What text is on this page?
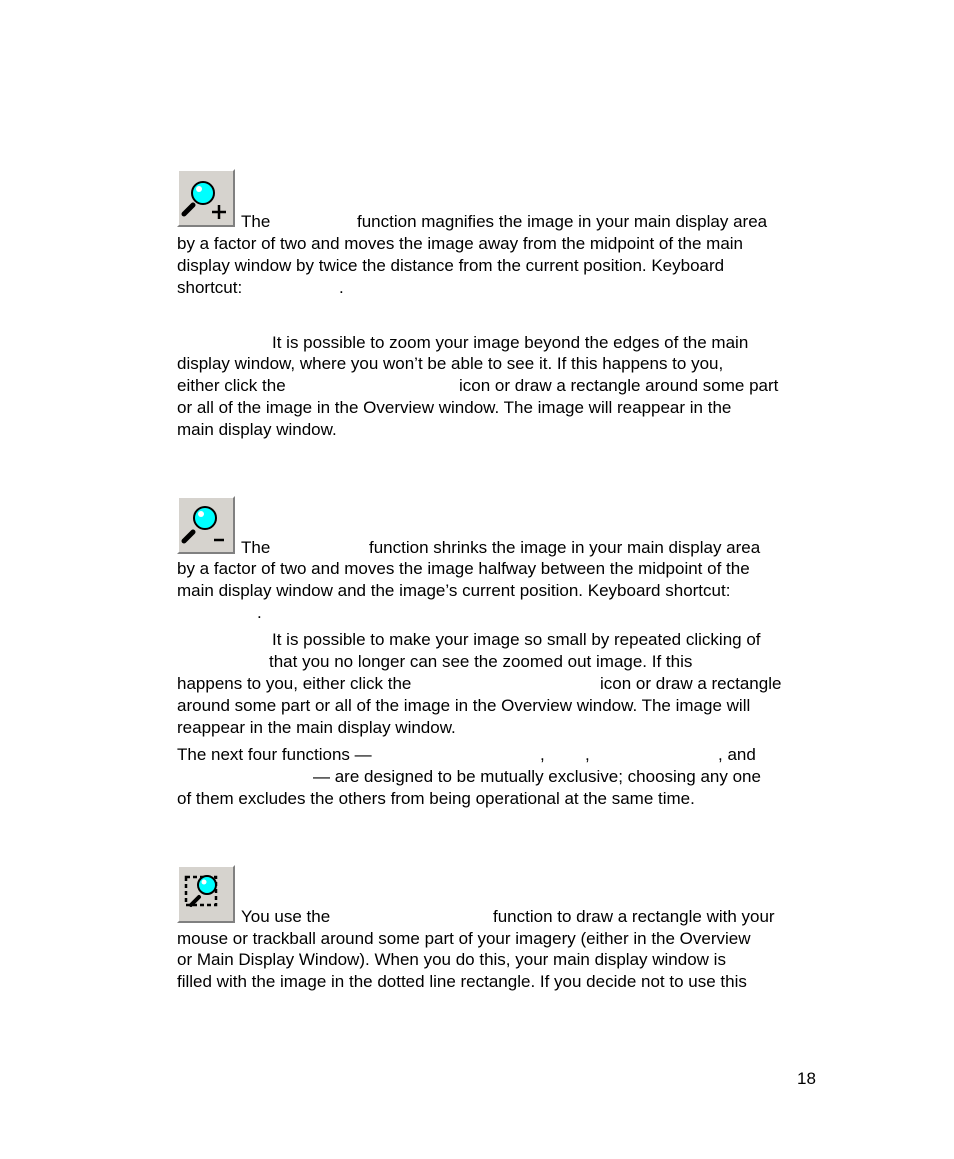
The	function magnifies the image in your main display area
by a factor of two and moves the image away from the midpoint of the main
display window by twice the distance from the current position. Keyboard
shortcut:	.
It is possible to zoom your image beyond the edges of the main
display window, where you won’t be able to see it. If this happens to you,
either click the	icon or draw a rectangle around some part
or all of the image in the Overview window. The image will reappear in the
main display window.
The	function shrinks the image in your main display area
by a factor of two and moves the image halfway between the midpoint of the
main display window and the image’s current position. Keyboard shortcut:
.
It is possible to make your image so small by repeated clicking of
that you no longer can see the zoomed out image. If this
happens to you, either click the	icon or draw a rectangle
around some part or all of the image in the Overview window. The image will
reappear in the main display window.
The next four functions —	, ,	, and
— are designed to be mutually exclusive; choosing any one
of them excludes the others from being operational at the same time.
You use the	function to draw a rectangle with your
mouse or trackball around some part of your imagery (either in the Overview
or Main Display Window). When you do this, your main display window is
filled with the image in the dotted line rectangle. If you decide not to use this
18
